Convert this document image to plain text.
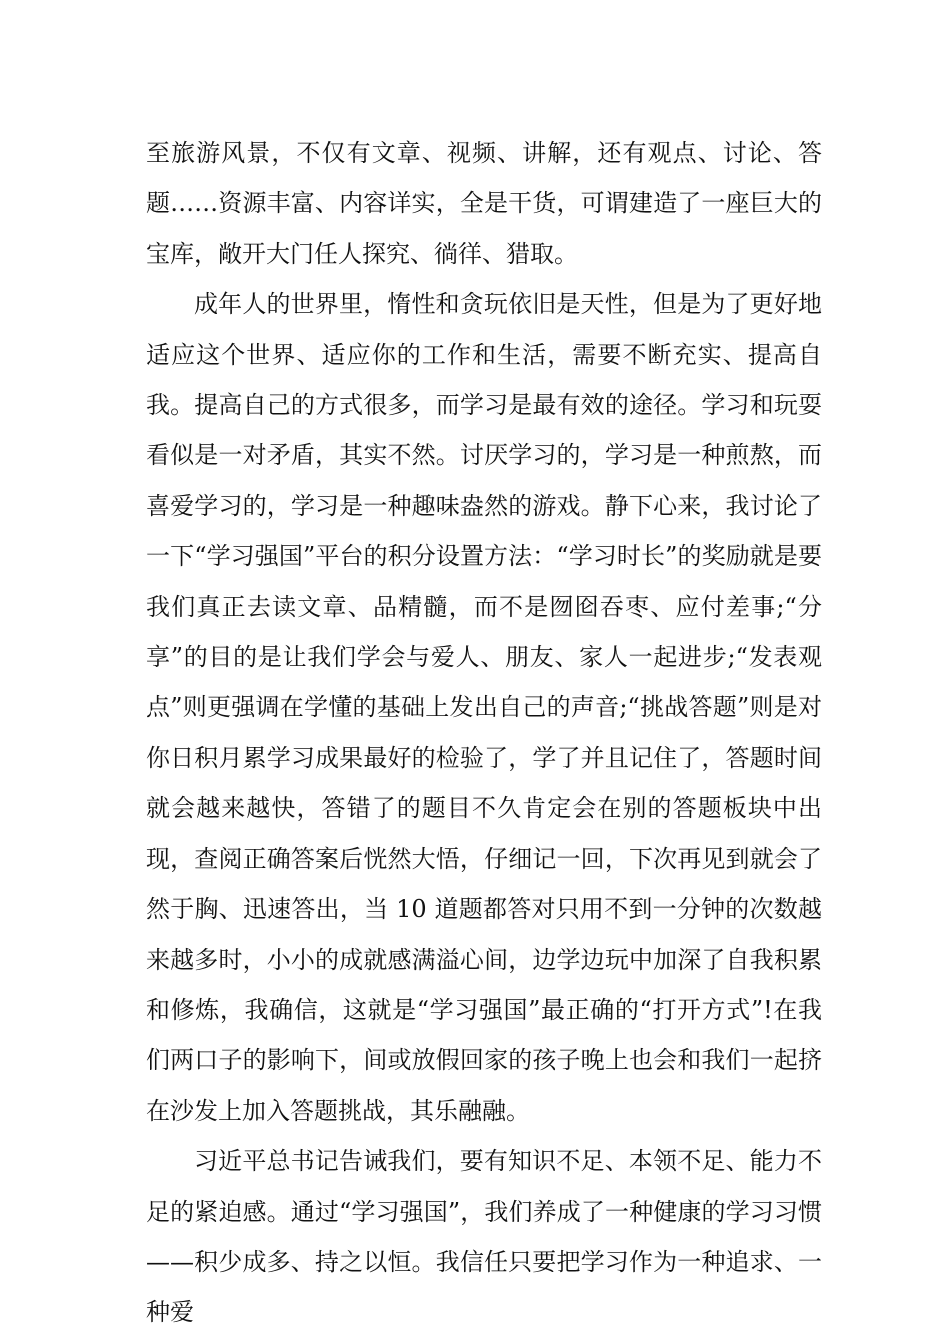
至旅游风景，不仅有文章、视频、讲解，还有观点、讨论、答题……资源丰富、内容详实，全是干货，可谓建造了一座巨大的宝库，敞开大门任人探究、徜徉、猎取。

成年人的世界里，惰性和贪玩依旧是天性，但是为了更好地适应这个世界、适应你的工作和生活，需要不断充实、提高自我。提高自己的方式很多，而学习是最有效的途径。学习和玩耍看似是一对矛盾，其实不然。讨厌学习的，学习是一种煎熬，而喜爱学习的，学习是一种趣味盎然的游戏。静下心来，我讨论了一下“学习强国”平台的积分设置方法：“学习时长”的奖励就是要我们真正去读文章、品精髓，而不是囫囵吞枣、应付差事;“分享”的目的是让我们学会与爱人、朋友、家人一起进步;“发表观点”则更强调在学懂的基础上发出自己的声音;“挑战答题”则是对你日积月累学习成果最好的检验了，学了并且记住了，答题时间就会越来越快，答错了的题目不久肯定会在别的答题板块中出现，查阅正确答案后恍然大悟，仔细记一回，下次再见到就会了然于胸、迅速答出，当 10 道题都答对只用不到一分钟的次数越来越多时，小小的成就感满溢心间，边学边玩中加深了自我积累和修炼，我确信，这就是“学习强国”最正确的“打开方式”!在我们两口子的影响下，间或放假回家的孩子晚上也会和我们一起挤在沙发上加入答题挑战，其乐融融。

习近平总书记告诫我们，要有知识不足、本领不足、能力不足的紧迫感。通过“学习强国”，我们养成了一种健康的学习习惯——积少成多、持之以恒。我信任只要把学习作为一种追求、一种爱
